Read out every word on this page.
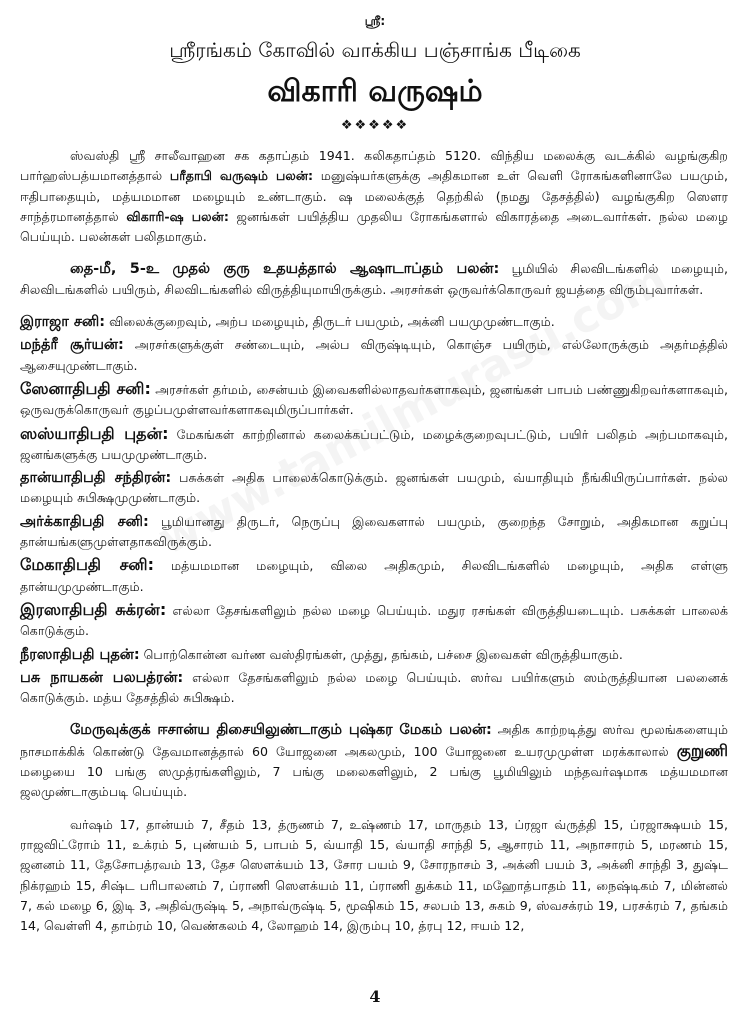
ஸ்ரீ:
ஸ்ரீரங்கம் கோவில் வாக்கிய பஞ்சாங்க பீடிகை
விகாரி வருஷம்
❖❖❖❖❖

ஸ்வஸ்தி ஸ்ரீ சாலீவாஹன சக கதாப்தம் 1941. கலிகதாப்தம் 5120. விந்திய மலைக்கு வடக்கில் வழங்குகிற பார்ஹஸ்பத்யமானத்தால் பரீதாபி வருஷம் பலன்: மனுஷ்யர்களுக்கு அதிகமான உள் வெளி ரோகங்களினாலே பயமும், ஈதிபாதையும், மத்யமமான மழையும் உண்டாகும். ஷ மலைக்குத் தெற்கில் (நமது தேசத்தில்) வழங்குகிற ஸௌர சாந்த்ரமானத்தால் விகாரி-ஷ பலன்: ஜனங்கள் பயித்திய முதலிய ரோகங்களால் விகாரத்தை அடைவார்கள். நல்ல மழை பெய்யும். பலன்கள் பலிதமாகும்.

தை-மீ, 5-உ முதல் குரு உதயத்தால் ஆஷாடாப்தம் பலன்: பூமியில் சிலவிடங்களில் மழையும், சிலவிடங்களில் பயிரும், சிலவிடங்களில் விருத்தியுமாயிருக்கும். அரசர்கள் ஒருவர்க்கொருவர் ஜயத்தை விரும்புவார்கள்.

இராஜா சனி: விலைக்குறைவும், அற்ப மழையும், திருடர் பயமும், அக்னி பயமுமுண்டாகும்.

மந்த்ரீ சூர்யன்: அரசர்களுக்குள் சண்டையும், அல்ப விருஷ்டியும், கொஞ்ச பயிரும், எல்லோருக்கும் அதர்மத்தில் ஆசையுமுண்டாகும்.

ஸேனாதிபதி சனி: அரசர்கள் தர்மம், சைன்யம் இவைகளில்லாதவர்களாகவும், ஜனங்கள் பாபம் பண்ணுகிறவர்களாகவும், ஒருவருக்கொருவர் குழப்பமுள்ளவர்களாகவுமிருப்பார்கள்.

ஸஸ்யாதிபதி புதன்: மேகங்கள் காற்றினால் கலைக்கப்பட்டும், மழைக்குறைவுபட்டும், பயிர் பலிதம் அற்பமாகவும், ஜனங்களுக்கு பயமுமுண்டாகும்.

தான்யாதிபதி சந்திரன்: பசுக்கள் அதிக பாலைக்கொடுக்கும். ஜனங்கள் பயமும், வ்யாதியும் நீங்கியிருப்பார்கள். நல்ல மழையும் சுபிக்ஷமுமுண்டாகும்.

அர்க்காதிபதி சனி: பூமியானது திருடர், நெருப்பு இவைகளால் பயமும், குறைந்த சோறும், அதிகமான கறுப்பு தான்யங்களுமுள்ளதாகவிருக்கும்.

மேகாதிபதி சனி: மத்யமமான மழையும், விலை அதிகமும், சிலவிடங்களில் மழையும், அதிக எள்ளு தான்யமுமுண்டாகும்.

இரஸாதிபதி சுக்ரன்: எல்லா தேசங்களிலும் நல்ல மழை பெய்யும். மதுர ரசங்கள் விருத்தியடையும். பசுக்கள் பாலைக் கொடுக்கும்.

நீரஸாதிபதி புதன்: பொற்கொன்ன வர்ண வஸ்திரங்கள், முத்து, தங்கம், பச்சை இவைகள் விருத்தியாகும்.

பசு நாயகன் பலபத்ரன்: எல்லா தேசங்களிலும் நல்ல மழை பெய்யும். ஸர்வ பயிர்களும் ஸம்ருத்தியான பலனைக் கொடுக்கும். மத்ய தேசத்தில் சுபிக்ஷம்.

மேருவுக்குக் ஈசான்ய திசையிலுண்டாகும் புஷ்கர மேகம் பலன்: அதிக காற்றடித்து ஸர்வ மூலங்களையும் நாசமாக்கிக் கொண்டு தேவமானத்தால் 60 யோஜனை அகலமும், 100 யோஜனை உயரமுமுள்ள மரக்காலால் குறுணி மழையை 10 பங்கு ஸமுத்ரங்களிலும், 7 பங்கு மலைகளிலும், 2 பங்கு பூமியிலும் மந்தவர்ஷமாக மத்யமமான ஜலமுண்டாகும்படி பெய்யும்.

வர்ஷம் 17, தான்யம் 7, சீதம் 13, த்ருணம் 7, உஷ்ணம் 17, மாருதம் 13, ப்ரஜா வ்ருத்தி 15, ப்ரஜாக்ஷயம் 15, ராஜவிட்ரோம் 11, உக்ரம் 5, புண்யம் 5, பாபம் 5, வ்யாதி 15, வ்யாதி சாந்தி 5, ஆசாரம் 11, அநாசாரம் 5, மரணம் 15, ஜனனம் 11, தேசோபத்ரவம் 13, தேச ஸௌக்யம் 13, சோர பயம் 9, சோரநாசம் 3, அக்னி பயம் 3, அக்னி சாந்தி 3, துஷ்ட நிக்ரஹம் 15, சிஷ்ட பரிபாலனம் 7, ப்ராணி ஸௌக்யம் 11, ப்ராணி துக்கம் 11, மஹோத்பாதம் 11, நைஷ்டிகம் 7, மின்னல் 7, கல் மழை 6, இடி 3, அதிவ்ருஷ்டி 5, அநாவ்ருஷ்டி 5, மூஷிகம் 15, சலபம் 13, சுகம் 9, ஸ்வசக்ரம் 19, பரசக்ரம் 7, தங்கம் 14, வெள்ளி 4, தாம்ரம் 10, வெண்கலம் 4, லோஹம் 14, இரும்பு 10, த்ரபு 12, ஈயம் 12,

4
